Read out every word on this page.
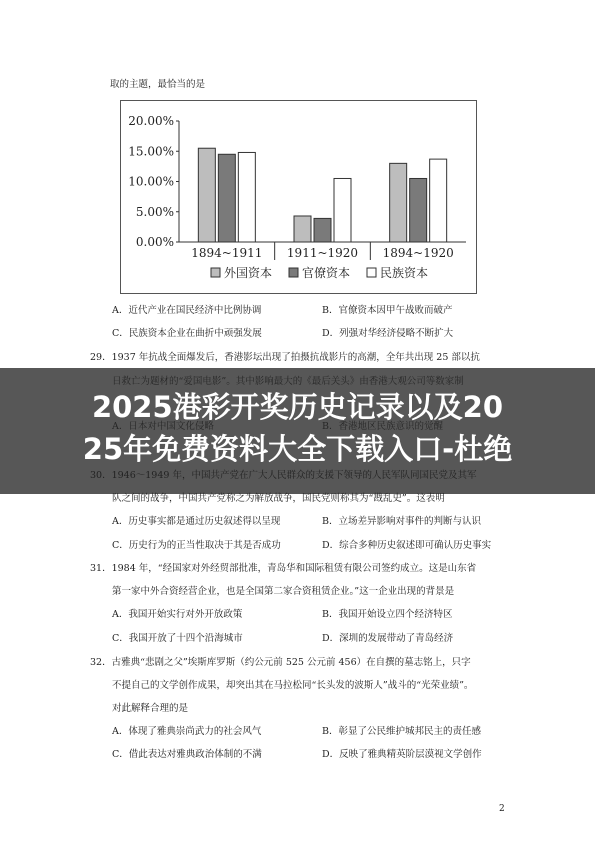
取的主题，最恰当的是
0.00%
5.00%
10.00%
15.00%
20.00%
1894~1911 1911~1920 1894~1920
外国资本 官僚资本 民族资本
A．近代产业在国民经济中比例协调	B．官僚资本因甲午战败而破产
C．民族资本企业在曲折中顽强发展	D．列强对华经济侵略不断扩大
29．1937 年抗战全面爆发后，香港影坛出现了拍摄抗战影片的高潮，全年共出现 25 部以抗
2025港彩开奖历史记录以及20
25年免费资料大全下载入口-杜绝
30．1946～1949 年，中国共产党在广大人民群众的支援下领导的人民军队同国民党及其军
队之间的战争，中国共产党称之为解放战争，国民党则称其为“戡乱史”。这表明
A．历史事实都是通过历史叙述得以呈现	B．立场差异影响对事件的判断与认识
C．历史行为的正当性取决于其是否成功	D．综合多种历史叙述即可确认历史事实
31．1984 年，“经国家对外经贸部批准，青岛华和国际租赁有限公司签约成立。这是山东省
第一家中外合资经营企业，也是全国第二家合资租赁企业。”这一企业出现的背景是
A．我国开始实行对外开放政策	B．我国开始设立四个经济特区
C．我国开放了十四个沿海城市	D．深圳的发展带动了青岛经济
32．古雅典“悲剧之父”埃斯库罗斯（约公元前 525 公元前 456）在自撰的墓志铭上，只字
不提自己的文学创作成果，却突出其在马拉松同“长头发的波斯人”战斗的“光荣业绩”。
对此解释合理的是
A．体现了雅典崇尚武力的社会风气	B．彰显了公民维护城邦民主的责任感
C．借此表达对雅典政治体制的不满	D．反映了雅典精英阶层漠视文学创作
2
